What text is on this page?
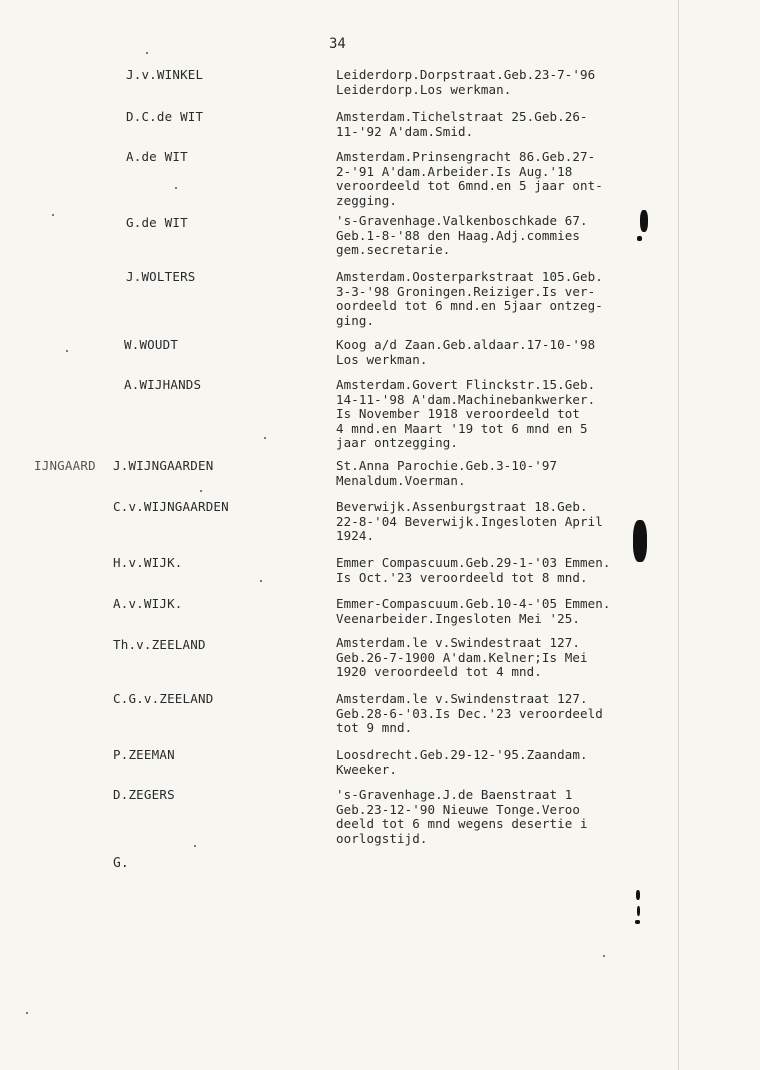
34
J.v.WINKEL	Leiderdorp.Dorpstraat.Geb.23-7-'96
Leiderdorp.Los werkman.
D.C.de WIT	Amsterdam.Tichelstraat 25.Geb.26-
11-'92 A'dam.Smid.
A.de WIT	Amsterdam.Prinsengracht 86.Geb.27-
2-'91 A'dam.Arbeider.Is Aug.'18
veroordeeld tot 6mnd.en 5 jaar ont-
zegging.
G.de WIT	's-Gravenhage.Valkenboschkade 67.
Geb.1-8-'88 den Haag.Adj.commies
gem.secretarie.
J.WOLTERS	Amsterdam.Oosterparkstraat 105.Geb.
3-3-'98 Groningen.Reiziger.Is ver-
oordeeld tot 6 mnd.en 5jaar ontzeg-
ging.
W.WOUDT	Koog a/d Zaan.Geb.aldaar.17-10-'98
Los werkman.
A.WIJHANDS	Amsterdam.Govert Flinckstr.15.Geb.
14-11-'98 A'dam.Machinebankwerker.
Is November 1918 veroordeeld tot
4 mnd.en Maart '19 tot 6 mnd en 5
jaar ontzegging.
IJNGAARD J.WIJNGAARDEN	St.Anna Parochie.Geb.3-10-'97
Menaldum.Voerman.
C.v.WIJNGAARDEN	Beverwijk.Assenburgstraat 18.Geb.
22-8-'04 Beverwijk.Ingesloten April
1924.
H.v.WIJK.	Emmer Compascuum.Geb.29-1-'03 Emmen.
Is Oct.'23 veroordeeld tot 8 mnd.
A.v.WIJK.	Emmer-Compascuum.Geb.10-4-'05 Emmen.
Veenarbeider.Ingesloten Mei '25.
Th.v.ZEELAND	Amsterdam.le v.Swindestraat 127.
Geb.26-7-1900 A'dam.Kelner;Is Mei
1920 veroordeeld tot 4 mnd.
C.G.v.ZEELAND	Amsterdam.le v.Swindenstraat 127.
Geb.28-6-'03.Is Dec.'23 veroordeeld
tot 9 mnd.
P.ZEEMAN	Loosdrecht.Geb.29-12-'95.Zaandam.
Kweeker.
D.ZEGERS	's-Gravenhage.J.de Baenstraat 1
Geb.23-12-'90 Nieuwe Tonge.Veroo
deeld tot 6 mnd wegens desertie i
oorlogstijd.
G.
